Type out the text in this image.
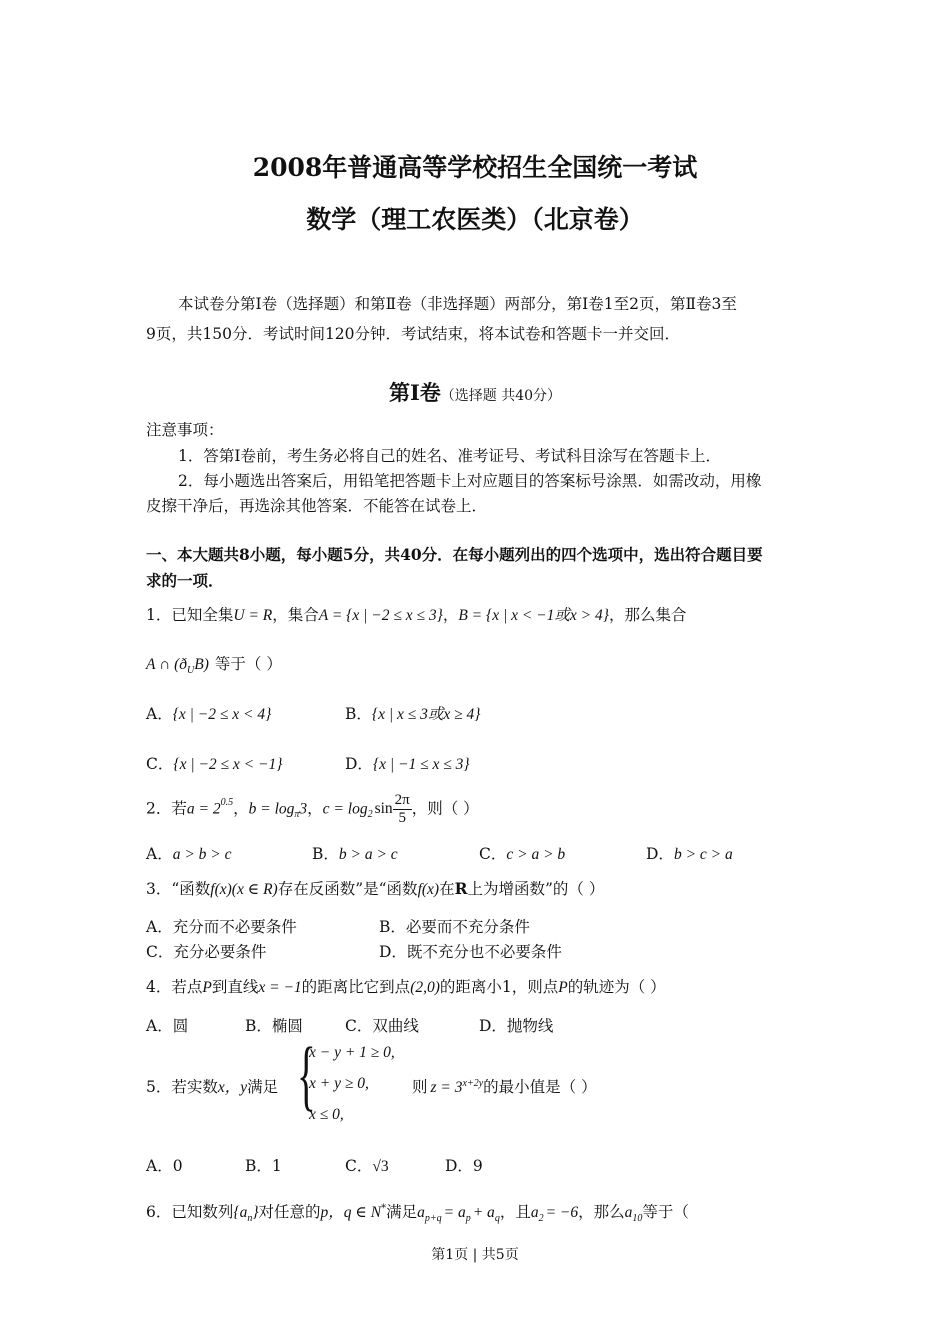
2008年普通高等学校招生全国统一考试
数学（理工农医类）（北京卷）
本试卷分第Ⅰ卷（选择题）和第Ⅱ卷（非选择题）两部分，第Ⅰ卷1至2页，第Ⅱ卷3至
9页，共150分．考试时间120分钟．考试结束，将本试卷和答题卡一并交回．
第Ⅰ卷（选择题 共40分）
注意事项：
1．答第Ⅰ卷前，考生务必将自己的姓名、准考证号、考试科目涂写在答题卡上．
2．每小题选出答案后，用铅笔把答题卡上对应题目的答案标号涂黑．如需改动，用橡
皮擦干净后，再选涂其他答案．不能答在试卷上．
一、本大题共8小题，每小题5分，共40分．在每小题列出的四个选项中，选出符合题目要
求的一项．
1．已知全集U = R，集合A = {x | −2 ≤ x ≤ 3}，B = {x | x < −1或x > 4}，那么集合
A ∩ $(ð_UB)$ 等于（ ）
A．{x | −2 ≤ x < 4}	B．{x | x ≤ 3或x ≥ 4}
C．{x | −2 ≤ x < −1}	D．{x | −1 ≤ x ≤ 3}
2．若$a = 2^{0.5}$，$b = \log_\pi 3$，$c = \log_2 \sin \frac{2\pi}{5}$ ，则（ ）
A．a > b > c	B．b > a > c	C．c > a > b	D．b > c > a
3．“函数f(x)(x ∈ R)存在反函数”是“函数f(x)在R上为增函数”的（ ）
A．充分而不必要条件	B．必要而不充分条件
C．充分必要条件	D．既不充分也不必要条件
4．若点P到直线x = −1的距离比它到点(2,0)的距离小1，则点P的轨迹为（ ）
A．圆	B．椭圆	C．双曲线	D．抛物线
5．若实数x，y满足 {
x − y + 1 ≥ 0,
x + y ≥ 0,
x ≤ 0,
则 $z = 3^{x+2y}$的最小值是（ ）
A．0	B．1	C．√3	D．9
6．已知数列$\{a_n\}$对任意的p，q ∈ N*满足$a_{p+q} = a_p + a_q$，且$a_2 = -6$，那么$a_{10}$等于（
第1页 | 共5页
